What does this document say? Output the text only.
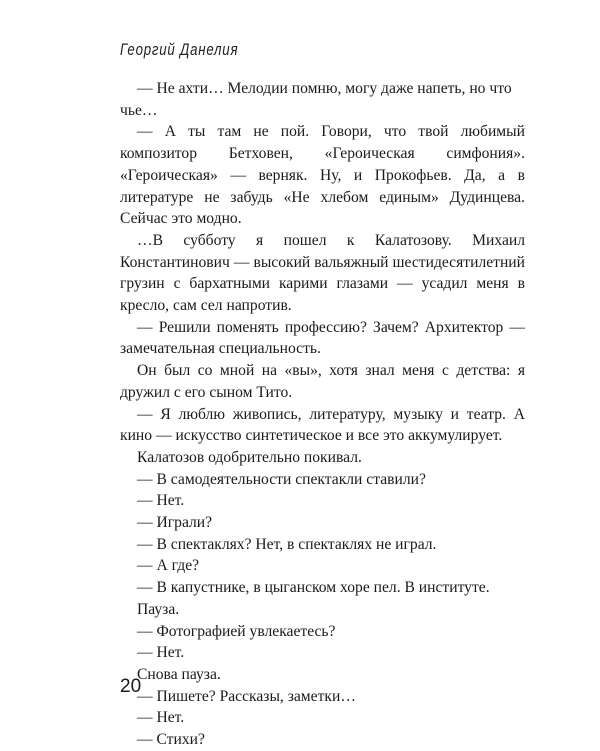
Георгий Данелия

— Не ахти… Мелодии помню, могу даже напеть, но что чье…

— А ты там не пой. Говори, что твой любимый композитор Бетховен, «Героическая симфония». «Героическая» — верняк. Ну, и Прокофьев. Да, а в литературе не забудь «Не хлебом единым» Дудинцева. Сейчас это модно.

…В субботу я пошел к Калатозову. Михаил Константинович — высокий вальяжный шестидесятилетний грузин с бархатными карими глазами — усадил меня в кресло, сам сел напротив.

— Решили поменять профессию? Зачем? Архитектор — замечательная специальность.

Он был со мной на «вы», хотя знал меня с детства: я дружил с его сыном Тито.

— Я люблю живопись, литературу, музыку и театр. А кино — искусство синтетическое и все это аккумулирует.

Калатозов одобрительно покивал.

— В самодеятельности спектакли ставили?

— Нет.

— Играли?

— В спектаклях? Нет, в спектаклях не играл.

— А где?

— В капустнике, в цыганском хоре пел. В институте.

Пауза.

— Фотографией увлекаетесь?

— Нет.

Снова пауза.

— Пишете? Рассказы, заметки…

— Нет.

— Стихи?

20
